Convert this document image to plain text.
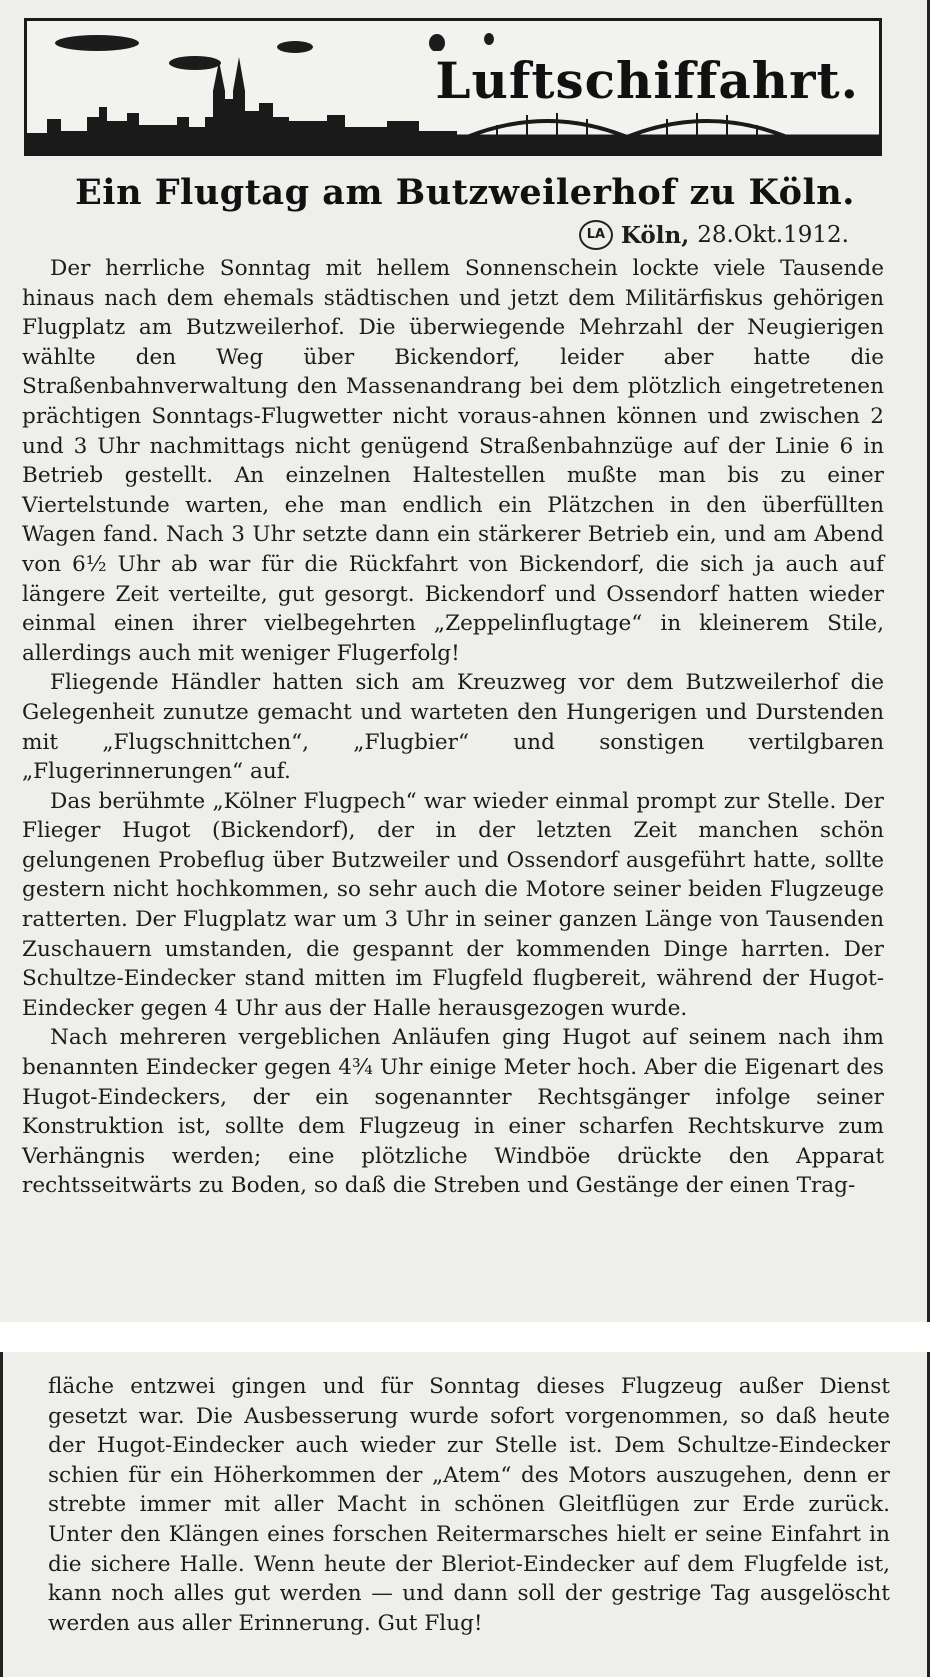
Luftschiffahrt.
Ein Flugtag am Butzweilerhof zu Köln.
LA Köln, 28.Okt.1912.

Der herrliche Sonntag mit hellem Sonnenschein lockte viele Tausende hinaus nach dem ehemals städtischen und jetzt dem Militärfiskus gehörigen Flugplatz am Butzweilerhof. Die überwiegende Mehrzahl der Neugierigen wählte den Weg über Bickendorf, leider aber hatte die Straßenbahnverwaltung den Massenandrang bei dem plötzlich eingetretenen prächtigen Sonntags-Flugwetter nicht voraus-ahnen können und zwischen 2 und 3 Uhr nachmittags nicht genügend Straßenbahnzüge auf der Linie 6 in Betrieb gestellt. An einzelnen Haltestellen mußte man bis zu einer Viertelstunde warten, ehe man endlich ein Plätzchen in den überfüllten Wagen fand. Nach 3 Uhr setzte dann ein stärkerer Betrieb ein, und am Abend von 6½ Uhr ab war für die Rückfahrt von Bickendorf, die sich ja auch auf längere Zeit verteilte, gut gesorgt. Bickendorf und Ossendorf hatten wieder einmal einen ihrer vielbegehrten „Zeppelinflugtage“ in kleinerem Stile, allerdings auch mit weniger Flugerfolg!

Fliegende Händler hatten sich am Kreuzweg vor dem Butzweilerhof die Gelegenheit zunutze gemacht und warteten den Hungerigen und Durstenden mit „Flugschnittchen“, „Flugbier“ und sonstigen vertilgbaren „Flugerinnerungen“ auf.

Das berühmte „Kölner Flugpech“ war wieder einmal prompt zur Stelle. Der Flieger Hugot (Bickendorf), der in der letzten Zeit manchen schön gelungenen Probeflug über Butzweiler und Ossendorf ausgeführt hatte, sollte gestern nicht hochkommen, so sehr auch die Motore seiner beiden Flugzeuge ratterten. Der Flugplatz war um 3 Uhr in seiner ganzen Länge von Tausenden Zuschauern umstanden, die gespannt der kommenden Dinge harrten. Der Schultze-Eindecker stand mitten im Flugfeld flugbereit, während der Hugot-Eindecker gegen 4 Uhr aus der Halle herausgezogen wurde.

Nach mehreren vergeblichen Anläufen ging Hugot auf seinem nach ihm benannten Eindecker gegen 4¾ Uhr einige Meter hoch. Aber die Eigenart des Hugot-Eindeckers, der ein sogenannter Rechtsgänger infolge seiner Konstruktion ist, sollte dem Flugzeug in einer scharfen Rechtskurve zum Verhängnis werden; eine plötzliche Windböe drückte den Apparat rechtsseitwärts zu Boden, so daß die Streben und Gestänge der einen Trag-

fläche entzwei gingen und für Sonntag dieses Flugzeug außer Dienst gesetzt war. Die Ausbesserung wurde sofort vorgenommen, so daß heute der Hugot-Eindecker auch wieder zur Stelle ist. Dem Schultze-Eindecker schien für ein Höherkommen der „Atem“ des Motors auszugehen, denn er strebte immer mit aller Macht in schönen Gleitflügen zur Erde zurück. Unter den Klängen eines forschen Reitermarsches hielt er seine Einfahrt in die sichere Halle. Wenn heute der Bleriot-Eindecker auf dem Flugfelde ist, kann noch alles gut werden — und dann soll der gestrige Tag ausgelöscht werden aus aller Erinnerung. Gut Flug!
